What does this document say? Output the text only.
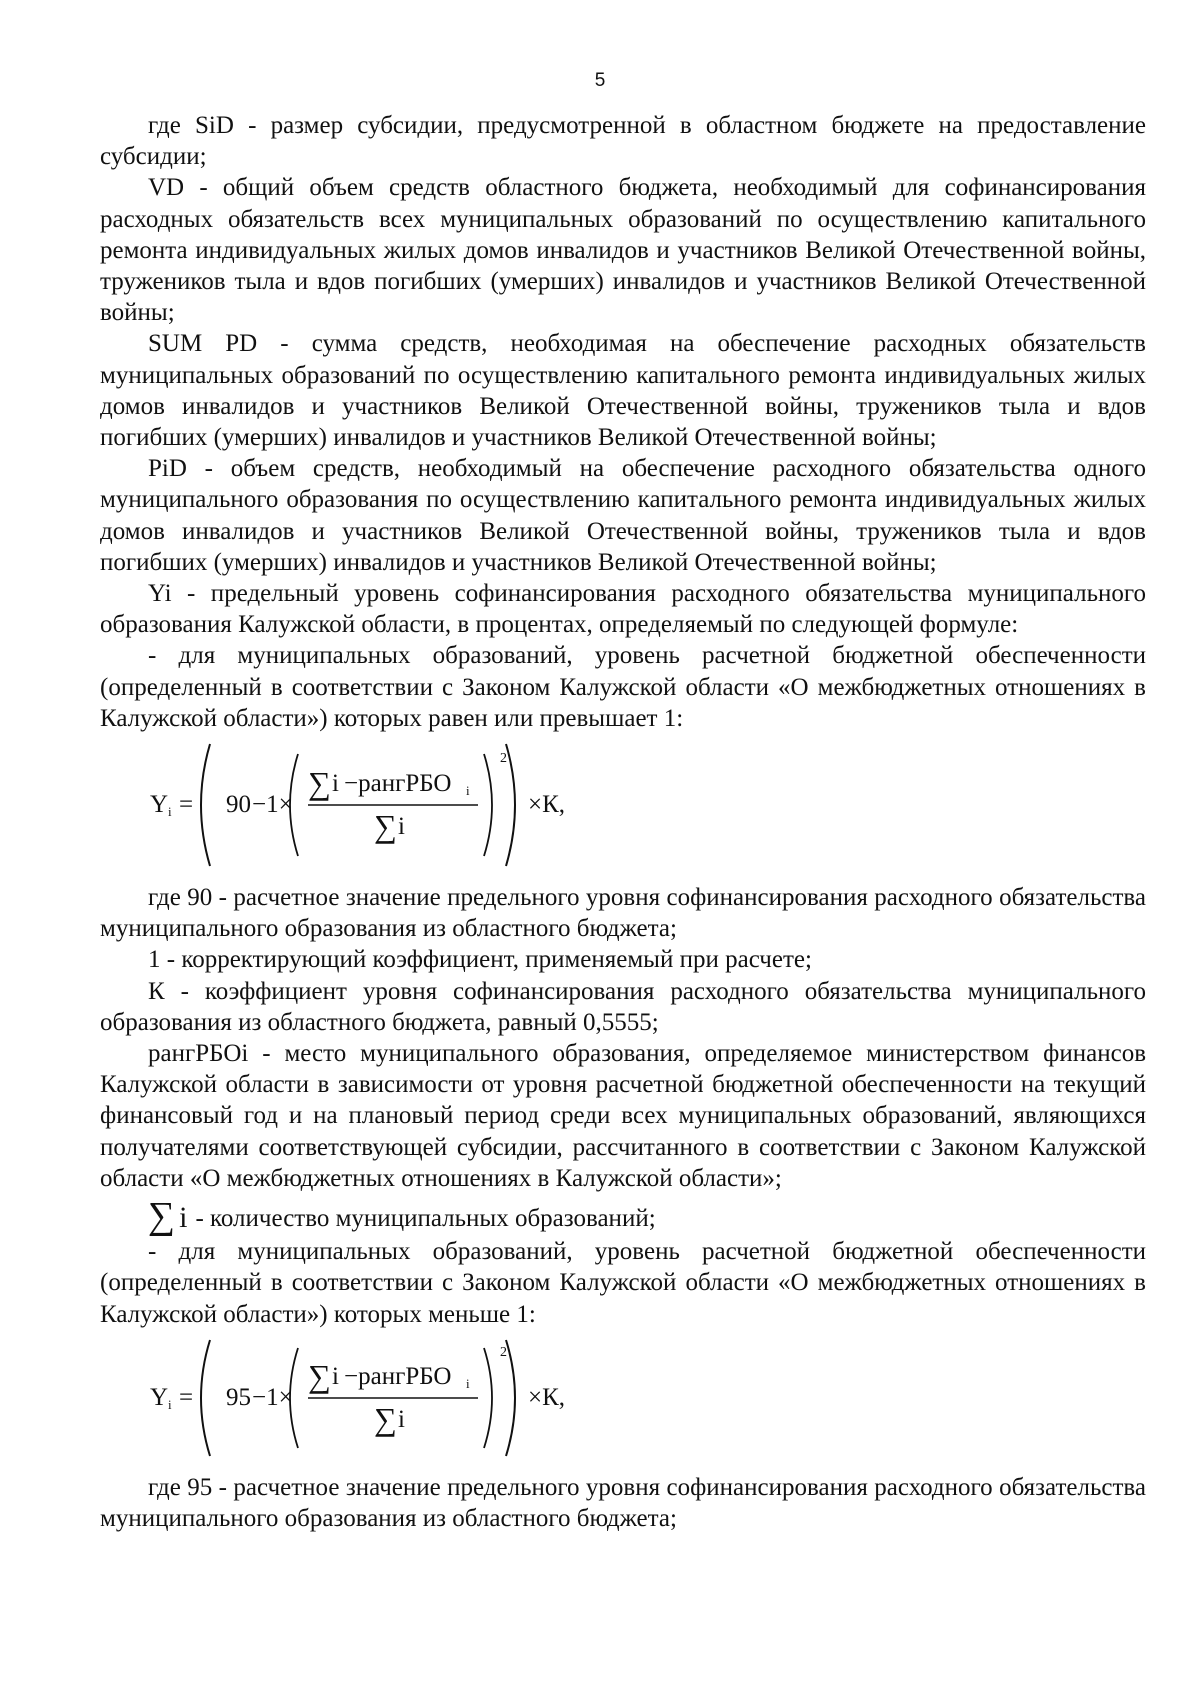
5

где SiD - размер субсидии, предусмотренной в областном бюджете на предоставление субсидии;

VD - общий объем средств областного бюджета, необходимый для софинансирования расходных обязательств всех муниципальных образований по осуществлению капитального ремонта индивидуальных жилых домов инвалидов и участников Великой Отечественной войны, тружеников тыла и вдов погибших (умерших) инвалидов и участников Великой Отечественной войны;

SUM PD - сумма средств, необходимая на обеспечение расходных обязательств муниципальных образований по осуществлению капитального ремонта индивидуальных жилых домов инвалидов и участников Великой Отечественной войны, тружеников тыла и вдов погибших (умерших) инвалидов и участников Великой Отечественной войны;

PiD - объем средств, необходимый на обеспечение расходного обязательства одного муниципального образования по осуществлению капитального ремонта индивидуальных жилых домов инвалидов и участников Великой Отечественной войны, тружеников тыла и вдов погибших (умерших) инвалидов и участников Великой Отечественной войны;

Yi - предельный уровень софинансирования расходного обязательства муниципального образования Калужской области, в процентах, определяемый по следующей формуле:

- для муниципальных образований, уровень расчетной бюджетной обеспеченности (определенный в соответствии с Законом Калужской области «О межбюджетных отношениях в Калужской области») которых равен или превышает 1:

Y i = 90 −1×
∑ i −рангРБО i
∑ i
2
×К,

где 90 - расчетное значение предельного уровня софинансирования расходного обязательства муниципального образования из областного бюджета;

1 - корректирующий коэффициент, применяемый при расчете;

К - коэффициент уровня софинансирования расходного обязательства муниципального образования из областного бюджета, равный 0,5555;

рангРБОi - место муниципального образования, определяемое министерством финансов Калужской области в зависимости от уровня расчетной бюджетной обеспеченности на текущий финансовый год и на плановый период среди всех муниципальных образований, являющихся получателями соответствующей субсидии, рассчитанного в соответствии с Законом Калужской области «О межбюджетных отношениях в Калужской области»;

∑ i - количество муниципальных образований;

- для муниципальных образований, уровень расчетной бюджетной обеспеченности (определенный в соответствии с Законом Калужской области «О межбюджетных отношениях в Калужской области») которых меньше 1:

Y i = 95 −1×
∑ i −рангРБО i
∑ i
2
×К,

где 95 - расчетное значение предельного уровня софинансирования расходного обязательства муниципального образования из областного бюджета;
